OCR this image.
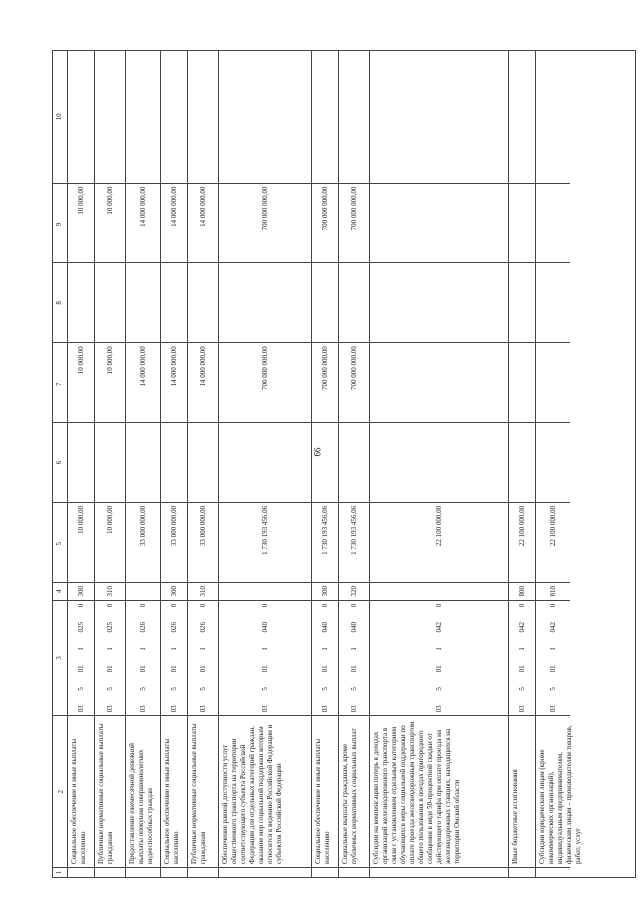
66
1
2
3
4
5
6
7
8
9
10
Социальное обеспечение и иные выплаты населению
03
5
01
1
025
0
300
10 000,00
10 000,00
10 000,00
Публичные нормативные социальные выплаты гражданам
03
5
01
1
025
0
310
10 000,00
10 000,00
10 000,00
Предоставление ежемесячной денежной выплаты опекунам совершеннолетних недееспособных граждан
03
5
01
1
026
0
33 000 000,00
14 000 000,00
14 000 000,00
Социальное обеспечение и иные выплаты населению
03
5
01
1
026
0
300
33 000 000,00
14 000 000,00
14 000 000,00
Публичные нормативные социальные выплаты гражданам
03
5
01
1
026
0
310
33 000 000,00
14 000 000,00
14 000 000,00
Обеспечение равной доступности услуг общественного транспорта на территории соответствующего субъекта Российской Федерации для отдельных категорий граждан, оказание мер социальной поддержки которым относится к ведению Российской Федерации и субъектов Российской Федерации
03
5
01
1
040
0
1 730 193 456,06
700 000 000,00
700 000 000,00
Социальное обеспечение и иные выплаты населению
03
5
01
1
040
0
300
1 730 193 456,06
700 000 000,00
700 000 000,00
Социальные выплаты гражданам, кроме публичных нормативных социальных выплат
03
5
01
1
040
0
320
1 730 193 456,06
700 000 000,00
700 000 000,00
Субсидии на компенсацию потерь в доходах организаций железнодорожного транспорта в связи с установлением отдельным категориям обучающихся меры социальной поддержки по оплате проезда железнодорожным транспортом общего пользования в поездах пригородного сообщения в виде 50-процентной скидки от действующего тарифа при оплате проезда на железнодорожных станциях, находящихся на территории Омской области
03
5
01
1
042
0
22 100 000,00
Иные бюджетные ассигнования
03
5
01
1
042
0
800
22 100 000,00
Субсидии юридическим лицам (кроме некоммерческих организаций), индивидуальным предпринимателям, физическим лицам – производителям товаров, работ, услуг
03
5
01
1
042
0
810
22 100 000,00
